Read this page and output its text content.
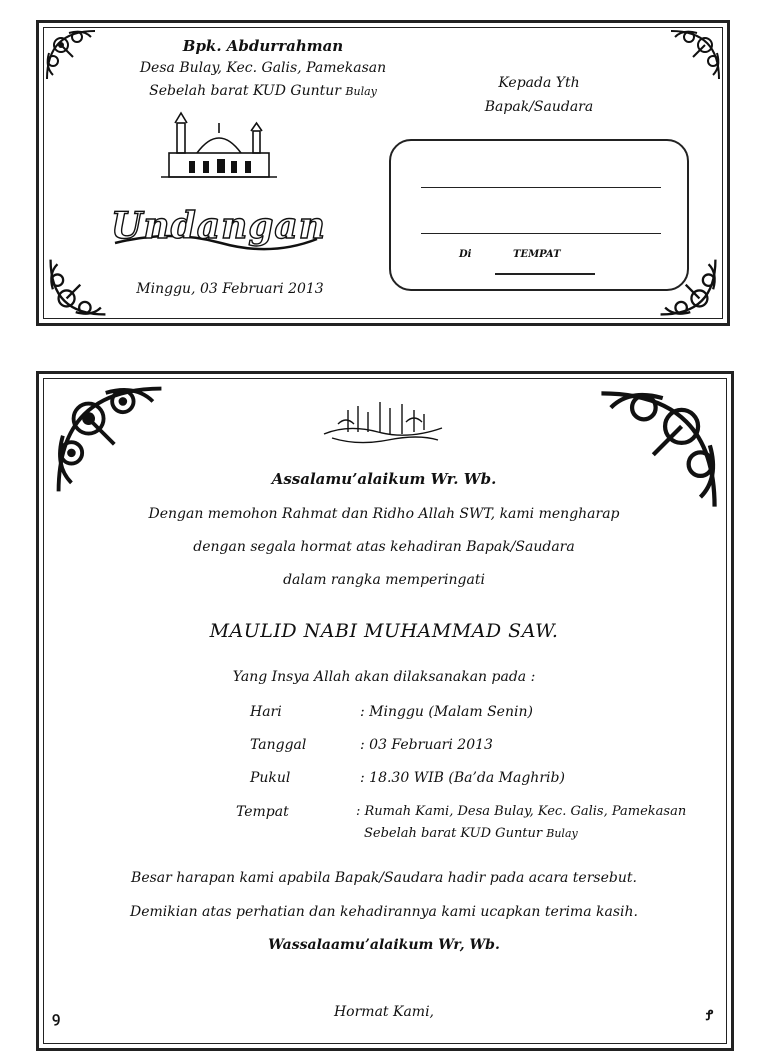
Bpk. Abdurrahman
Desa Bulay, Kec. Galis, Pamekasan
Sebelah barat KUD Guntur Bulay
Undangan
Minggu, 03 Februari 2013
Kepada Yth
Bapak/Saudara
Di	TEMPAT
ꝯ	Ꝭ
Assalamu’alaikum Wr. Wb.
Dengan memohon Rahmat dan Ridho Allah SWT, kami mengharap
dengan segala hormat atas kehadiran Bapak/Saudara
dalam rangka memperingati
MAULID NABI MUHAMMAD SAW.
Yang Insya Allah akan dilaksanakan pada :
Hari	: Minggu (Malam Senin)
Tanggal	: 03 Februari 2013
Pukul	: 18.30 WIB (Ba’da Maghrib)
Tempat	: Rumah Kami, Desa Bulay, Kec. Galis, Pamekasan
Sebelah barat KUD Guntur Bulay
Besar harapan kami apabila Bapak/Saudara hadir pada acara tersebut.
Demikian atas perhatian dan kehadirannya kami ucapkan terima kasih.
Wassalaamu’alaikum Wr, Wb.
Hormat Kami,
